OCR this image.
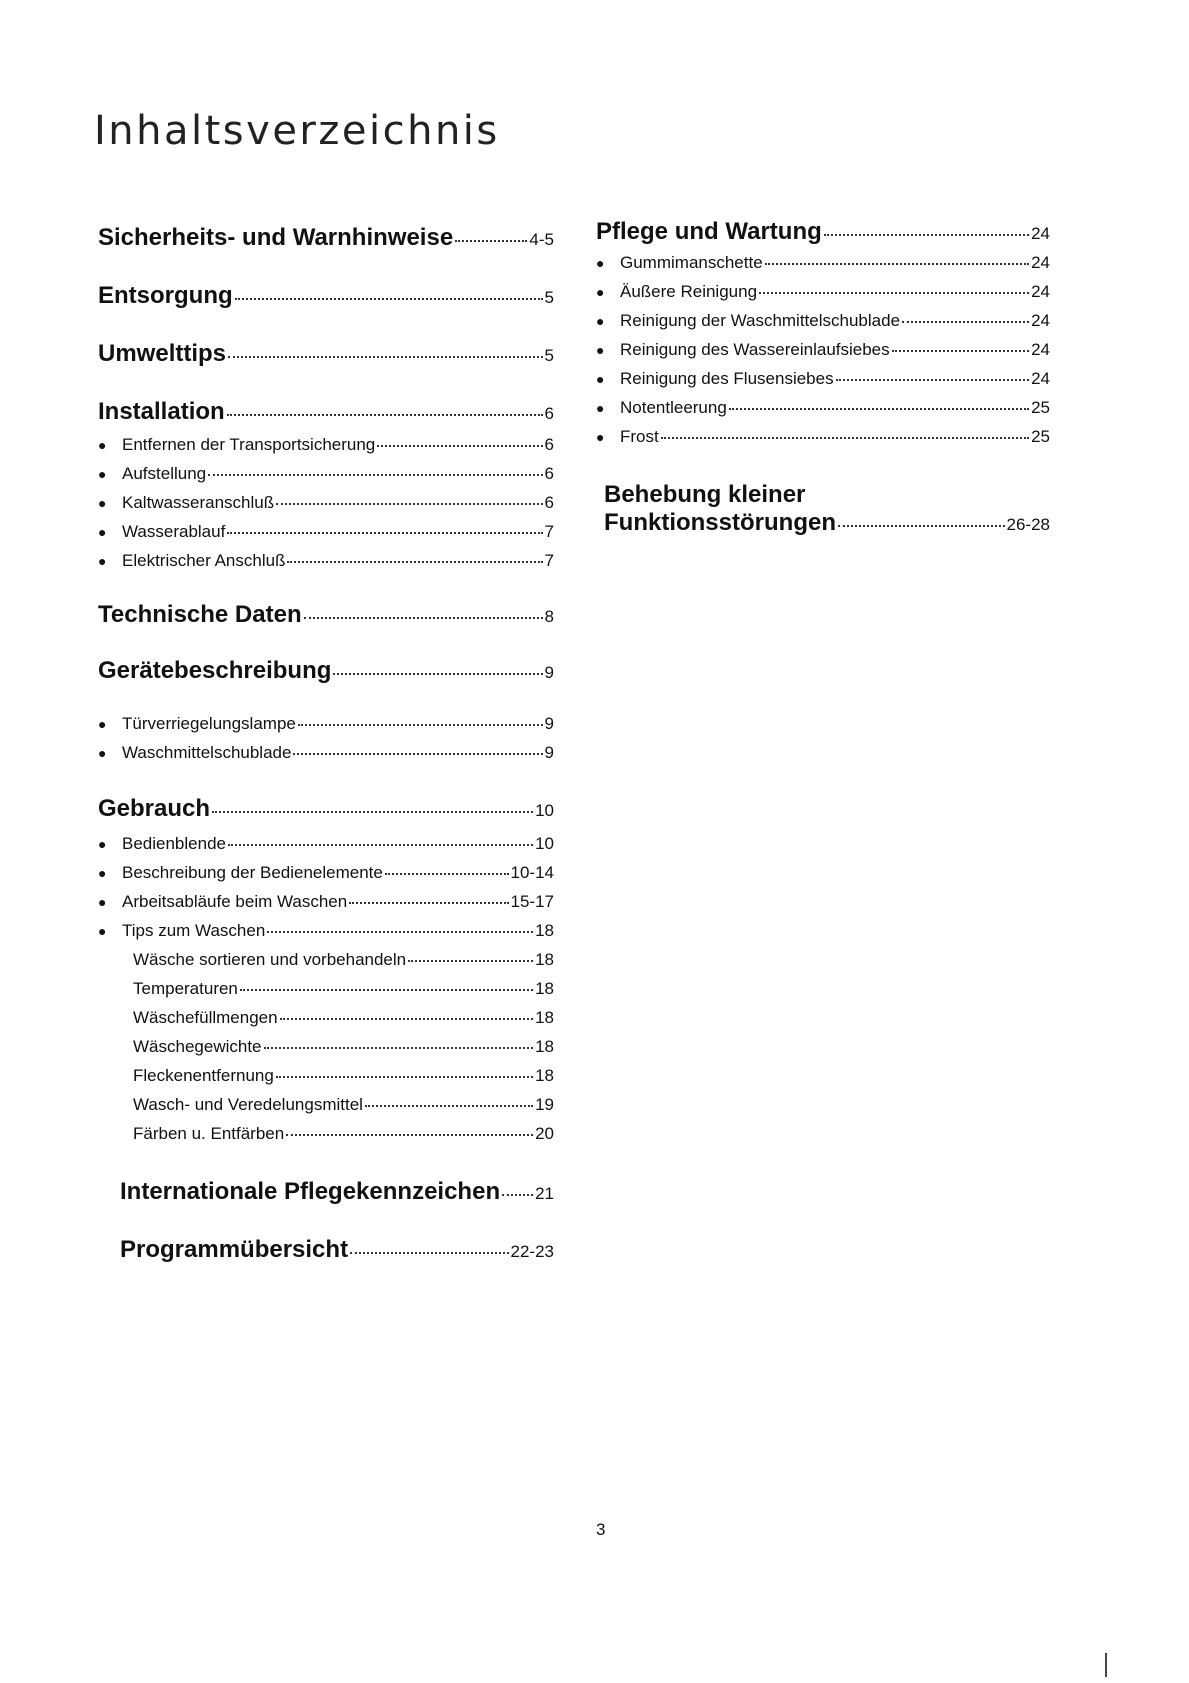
Inhaltsverzeichnis
Sicherheits- und Warnhinweise	4-5
Entsorgung	5
Umwelttips	5
Installation	6
● Entfernen der Transportsicherung	6
● Aufstellung	6
● Kaltwasseranschluß	6
● Wasserablauf	7
● Elektrischer Anschluß	7
Technische Daten	8
Gerätebeschreibung	9
● Türverriegelungslampe	9
● Waschmittelschublade	9
Gebrauch	10
● Bedienblende	10
● Beschreibung der Bedienelemente	10-14
● Arbeitsabläufe beim Waschen	15-17
● Tips zum Waschen	18
Wäsche sortieren und vorbehandeln	18
Temperaturen	18
Wäschefüllmengen	18
Wäschegewichte	18
Fleckenentfernung	18
Wasch- und Veredelungsmittel	19
Färben u. Entfärben	20
Internationale Pflegekennzeichen 21
Programmübersicht	22-23
Pflege und Wartung	24
● Gummimanschette	24
● Äußere Reinigung	24
● Reinigung der Waschmittelschublade	24
● Reinigung des Wassereinlaufsiebes	24
● Reinigung des Flusensiebes	24
● Notentleerung	25
● Frost	25
Behebung kleiner
Funktionsstörungen	26-28
3
